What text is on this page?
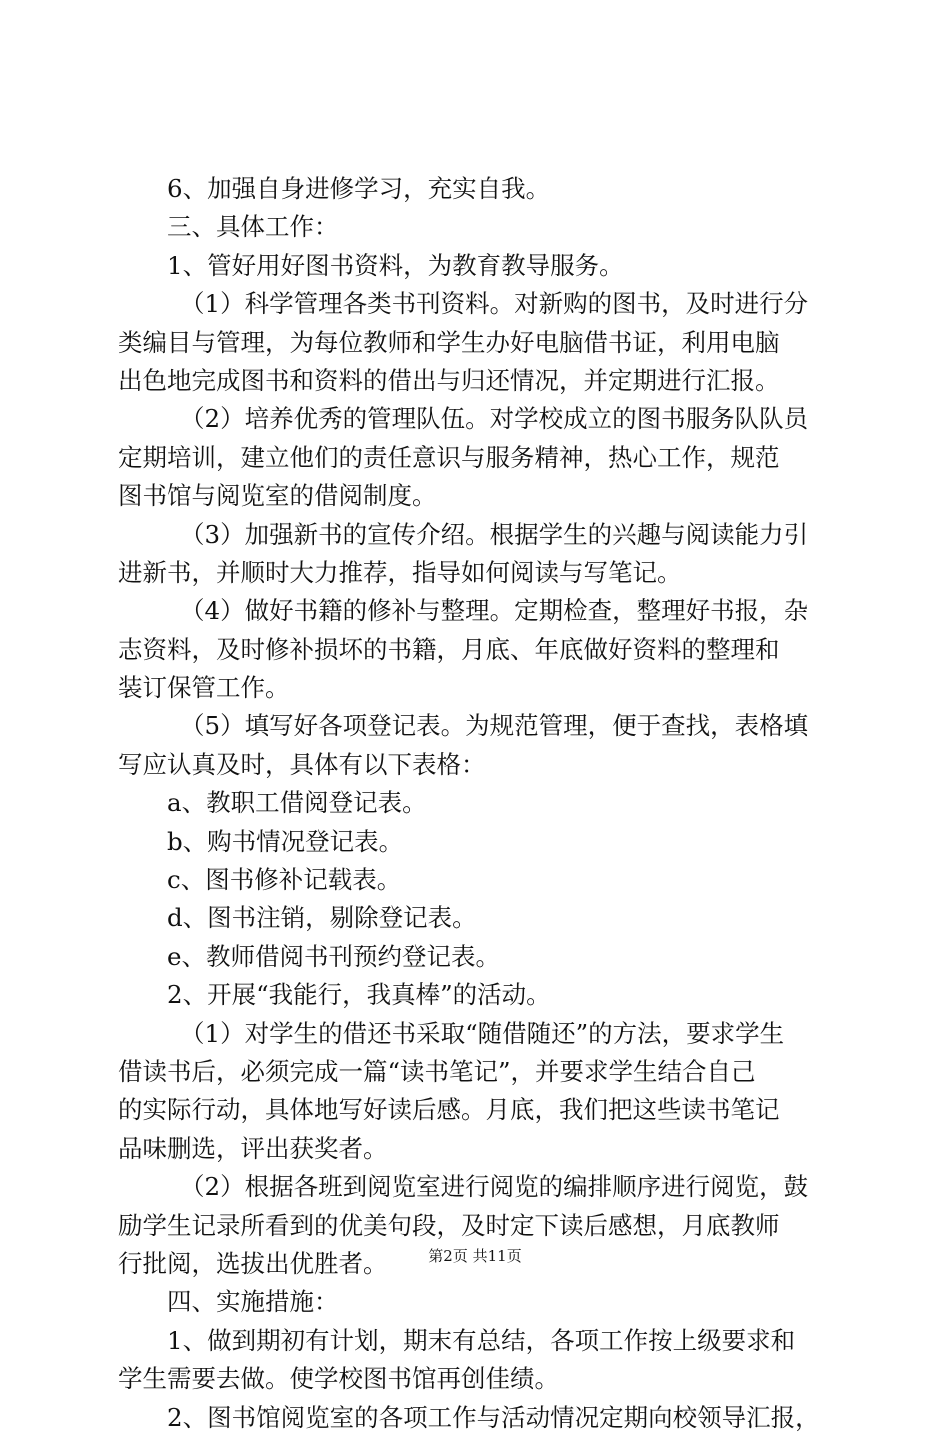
6、加强自身进修学习，充实自我。
三、具体工作：
1、管好用好图书资料，为教育教导服务。
（1）科学管理各类书刊资料。对新购的图书，及时进行分
类编目与管理，为每位教师和学生办好电脑借书证，利用电脑
出色地完成图书和资料的借出与归还情况，并定期进行汇报。
（2）培养优秀的管理队伍。对学校成立的图书服务队队员
定期培训，建立他们的责任意识与服务精神，热心工作，规范
图书馆与阅览室的借阅制度。
（3）加强新书的宣传介绍。根据学生的兴趣与阅读能力引
进新书，并顺时大力推荐，指导如何阅读与写笔记。
（4）做好书籍的修补与整理。定期检查，整理好书报，杂
志资料，及时修补损坏的书籍，月底、年底做好资料的整理和
装订保管工作。
（5）填写好各项登记表。为规范管理，便于查找，表格填
写应认真及时，具体有以下表格：
a、教职工借阅登记表。
b、购书情况登记表。
c、图书修补记载表。
d、图书注销，剔除登记表。
e、教师借阅书刊预约登记表。
2、开展“我能行，我真棒”的活动。
（1）对学生的借还书采取“随借随还”的方法，要求学生
借读书后，必须完成一篇“读书笔记”，并要求学生结合自己
的实际行动，具体地写好读后感。月底，我们把这些读书笔记
品味删选，评出获奖者。
（2）根据各班到阅览室进行阅览的编排顺序进行阅览，鼓
励学生记录所看到的优美句段，及时定下读后感想，月底教师
行批阅，选拔出优胜者。
四、实施措施：
1、做到期初有计划，期末有总结，各项工作按上级要求和
学生需要去做。使学校图书馆再创佳绩。
2、图书馆阅览室的各项工作与活动情况定期向校领导汇报，
第2页 共11页
